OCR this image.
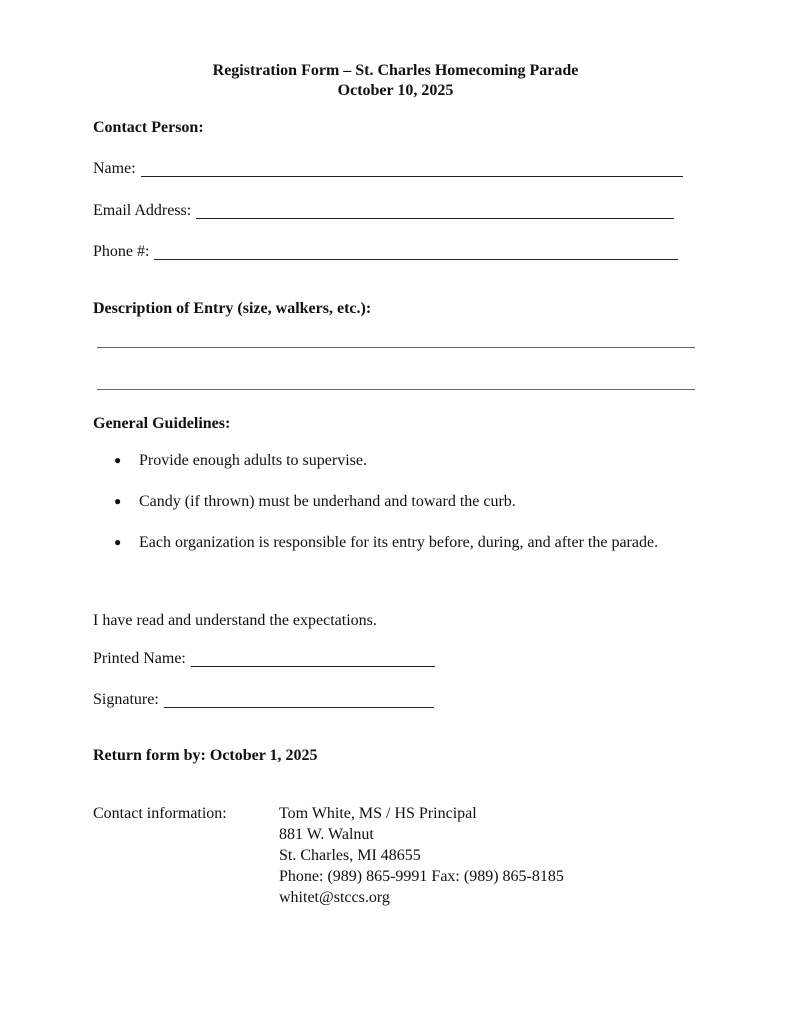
Registration Form – St. Charles Homecoming Parade
October 10, 2025
Contact Person:
Name:
Email Address:
Phone #:
Description of Entry (size, walkers, etc.):
General Guidelines:
● Provide enough adults to supervise.
● Candy (if thrown) must be underhand and toward the curb.
● Each organization is responsible for its entry before, during, and after the parade.
I have read and understand the expectations.
Printed Name:
Signature:
Return form by: October 1, 2025
Contact information:	Tom White, MS / HS Principal
881 W. Walnut
St. Charles, MI 48655
Phone: (989) 865-9991 Fax: (989) 865-8185
whitet@stccs.org
